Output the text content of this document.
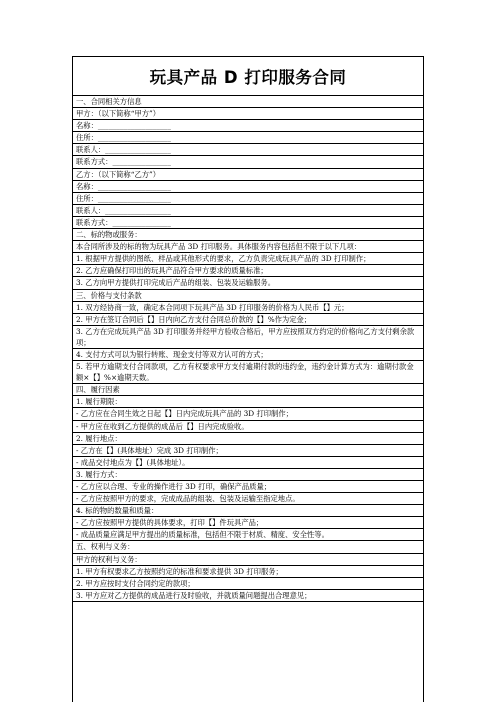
玩具产品 D 打印服务合同
一、合同相关方信息
甲方：（以下简称“甲方”）
名称：____________________
住所：____________________
联系人：__________________
联系方式：________________
乙方：（以下简称“乙方”）
名称：____________________
住所：____________________
联系人：__________________
联系方式：________________
二、标的物或服务：
本合同所涉及的标的物为玩具产品 3D 打印服务。具体服务内容包括但不限于以下几项：
1. 根据甲方提供的图纸、样品或其他形式的要求，乙方负责完成玩具产品的 3D 打印制作；
2. 乙方应确保打印出的玩具产品符合甲方要求的质量标准；
3. 乙方向甲方提供打印完成后产品的组装、包装及运输服务。
三、价格与支付条款
1. 双方经协商一致，确定本合同项下玩具产品 3D 打印服务的价格为人民币【】元；
2. 甲方在签订合同后【】日内向乙方支付合同总价款的【】%作为定金；
3. 乙方在完成玩具产品 3D 打印服务并经甲方验收合格后，甲方应按照双方约定的价格向乙方支付剩余款项；
4. 支付方式可以为银行转账、现金支付等双方认可的方式；
5. 若甲方逾期支付合同款项，乙方有权要求甲方支付逾期付款的违约金，违约金计算方式为：逾期付款金额×【】%×逾期天数。
四、履行因素
1. 履行期限：
- 乙方应在合同生效之日起【】日内完成玩具产品的 3D 打印制作；
- 甲方应在收到乙方提供的成品后【】日内完成验收。
2. 履行地点：
- 乙方在【】(具体地址）完成 3D 打印制作；
- 成品交付地点为【】(具体地址）。
3. 履行方式：
- 乙方应以合理、专业的操作进行 3D 打印，确保产品质量；
- 乙方应按照甲方的要求，完成成品的组装、包装及运输至指定地点。
4. 标的物的数量和质量：
- 乙方应按照甲方提供的具体要求，打印【】件玩具产品；
- 成品质量应满足甲方提出的质量标准，包括但不限于材质、精度、安全性等。
五、权利与义务：
甲方的权利与义务：
1. 甲方有权要求乙方按照约定的标准和要求提供 3D 打印服务；
2. 甲方应按时支付合同约定的款项；
3. 甲方应对乙方提供的成品进行及时验收，并就质量问题提出合理意见；
